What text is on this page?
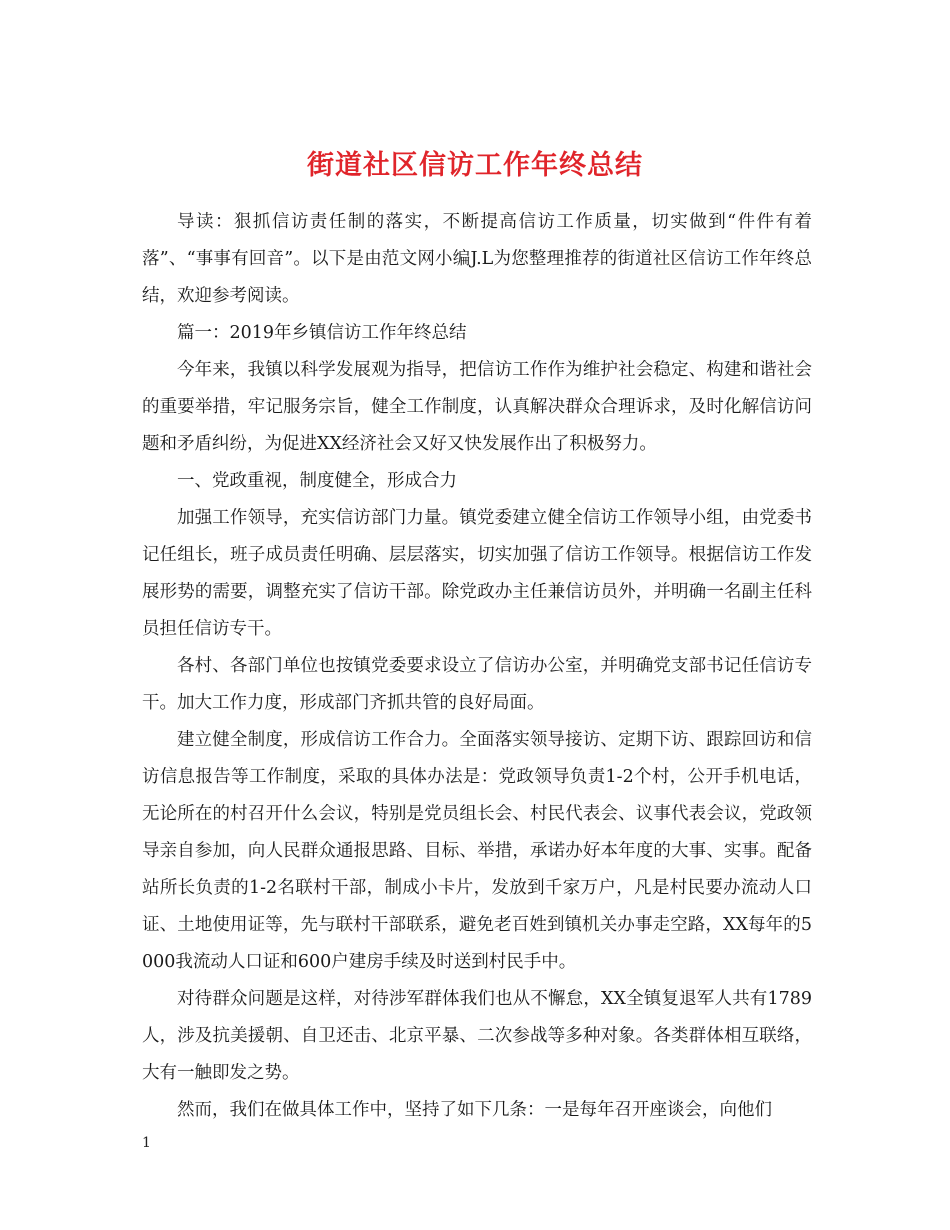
街道社区信访工作年终总结

导读：狠抓信访责任制的落实，不断提高信访工作质量，切实做到“件件有着落”、“事事有回音”。以下是由范文网小编J.L为您整理推荐的街道社区信访工作年终总结，欢迎参考阅读。

篇一：2019年乡镇信访工作年终总结

今年来，我镇以科学发展观为指导，把信访工作作为维护社会稳定、构建和谐社会的重要举措，牢记服务宗旨，健全工作制度，认真解决群众合理诉求，及时化解信访问题和矛盾纠纷，为促进XX经济社会又好又快发展作出了积极努力。

一、党政重视，制度健全，形成合力

加强工作领导，充实信访部门力量。镇党委建立健全信访工作领导小组，由党委书记任组长，班子成员责任明确、层层落实，切实加强了信访工作领导。根据信访工作发展形势的需要，调整充实了信访干部。除党政办主任兼信访员外，并明确一名副主任科员担任信访专干。

各村、各部门单位也按镇党委要求设立了信访办公室，并明确党支部书记任信访专干。加大工作力度，形成部门齐抓共管的良好局面。

建立健全制度，形成信访工作合力。全面落实领导接访、定期下访、跟踪回访和信访信息报告等工作制度，采取的具体办法是：党政领导负责1-2个村，公开手机电话，无论所在的村召开什么会议，特别是党员组长会、村民代表会、议事代表会议，党政领导亲自参加，向人民群众通报思路、目标、举措，承诺办好本年度的大事、实事。配备站所长负责的1-2名联村干部，制成小卡片，发放到千家万户，凡是村民要办流动人口证、土地使用证等，先与联村干部联系，避免老百姓到镇机关办事走空路，XX每年的5000我流动人口证和600户建房手续及时送到村民手中。

对待群众问题是这样，对待涉军群体我们也从不懈怠，XX全镇复退军人共有1789人，涉及抗美援朝、自卫还击、北京平暴、二次参战等多种对象。各类群体相互联络，大有一触即发之势。

然而，我们在做具体工作中，坚持了如下几条：一是每年召开座谈会，向他们

1
